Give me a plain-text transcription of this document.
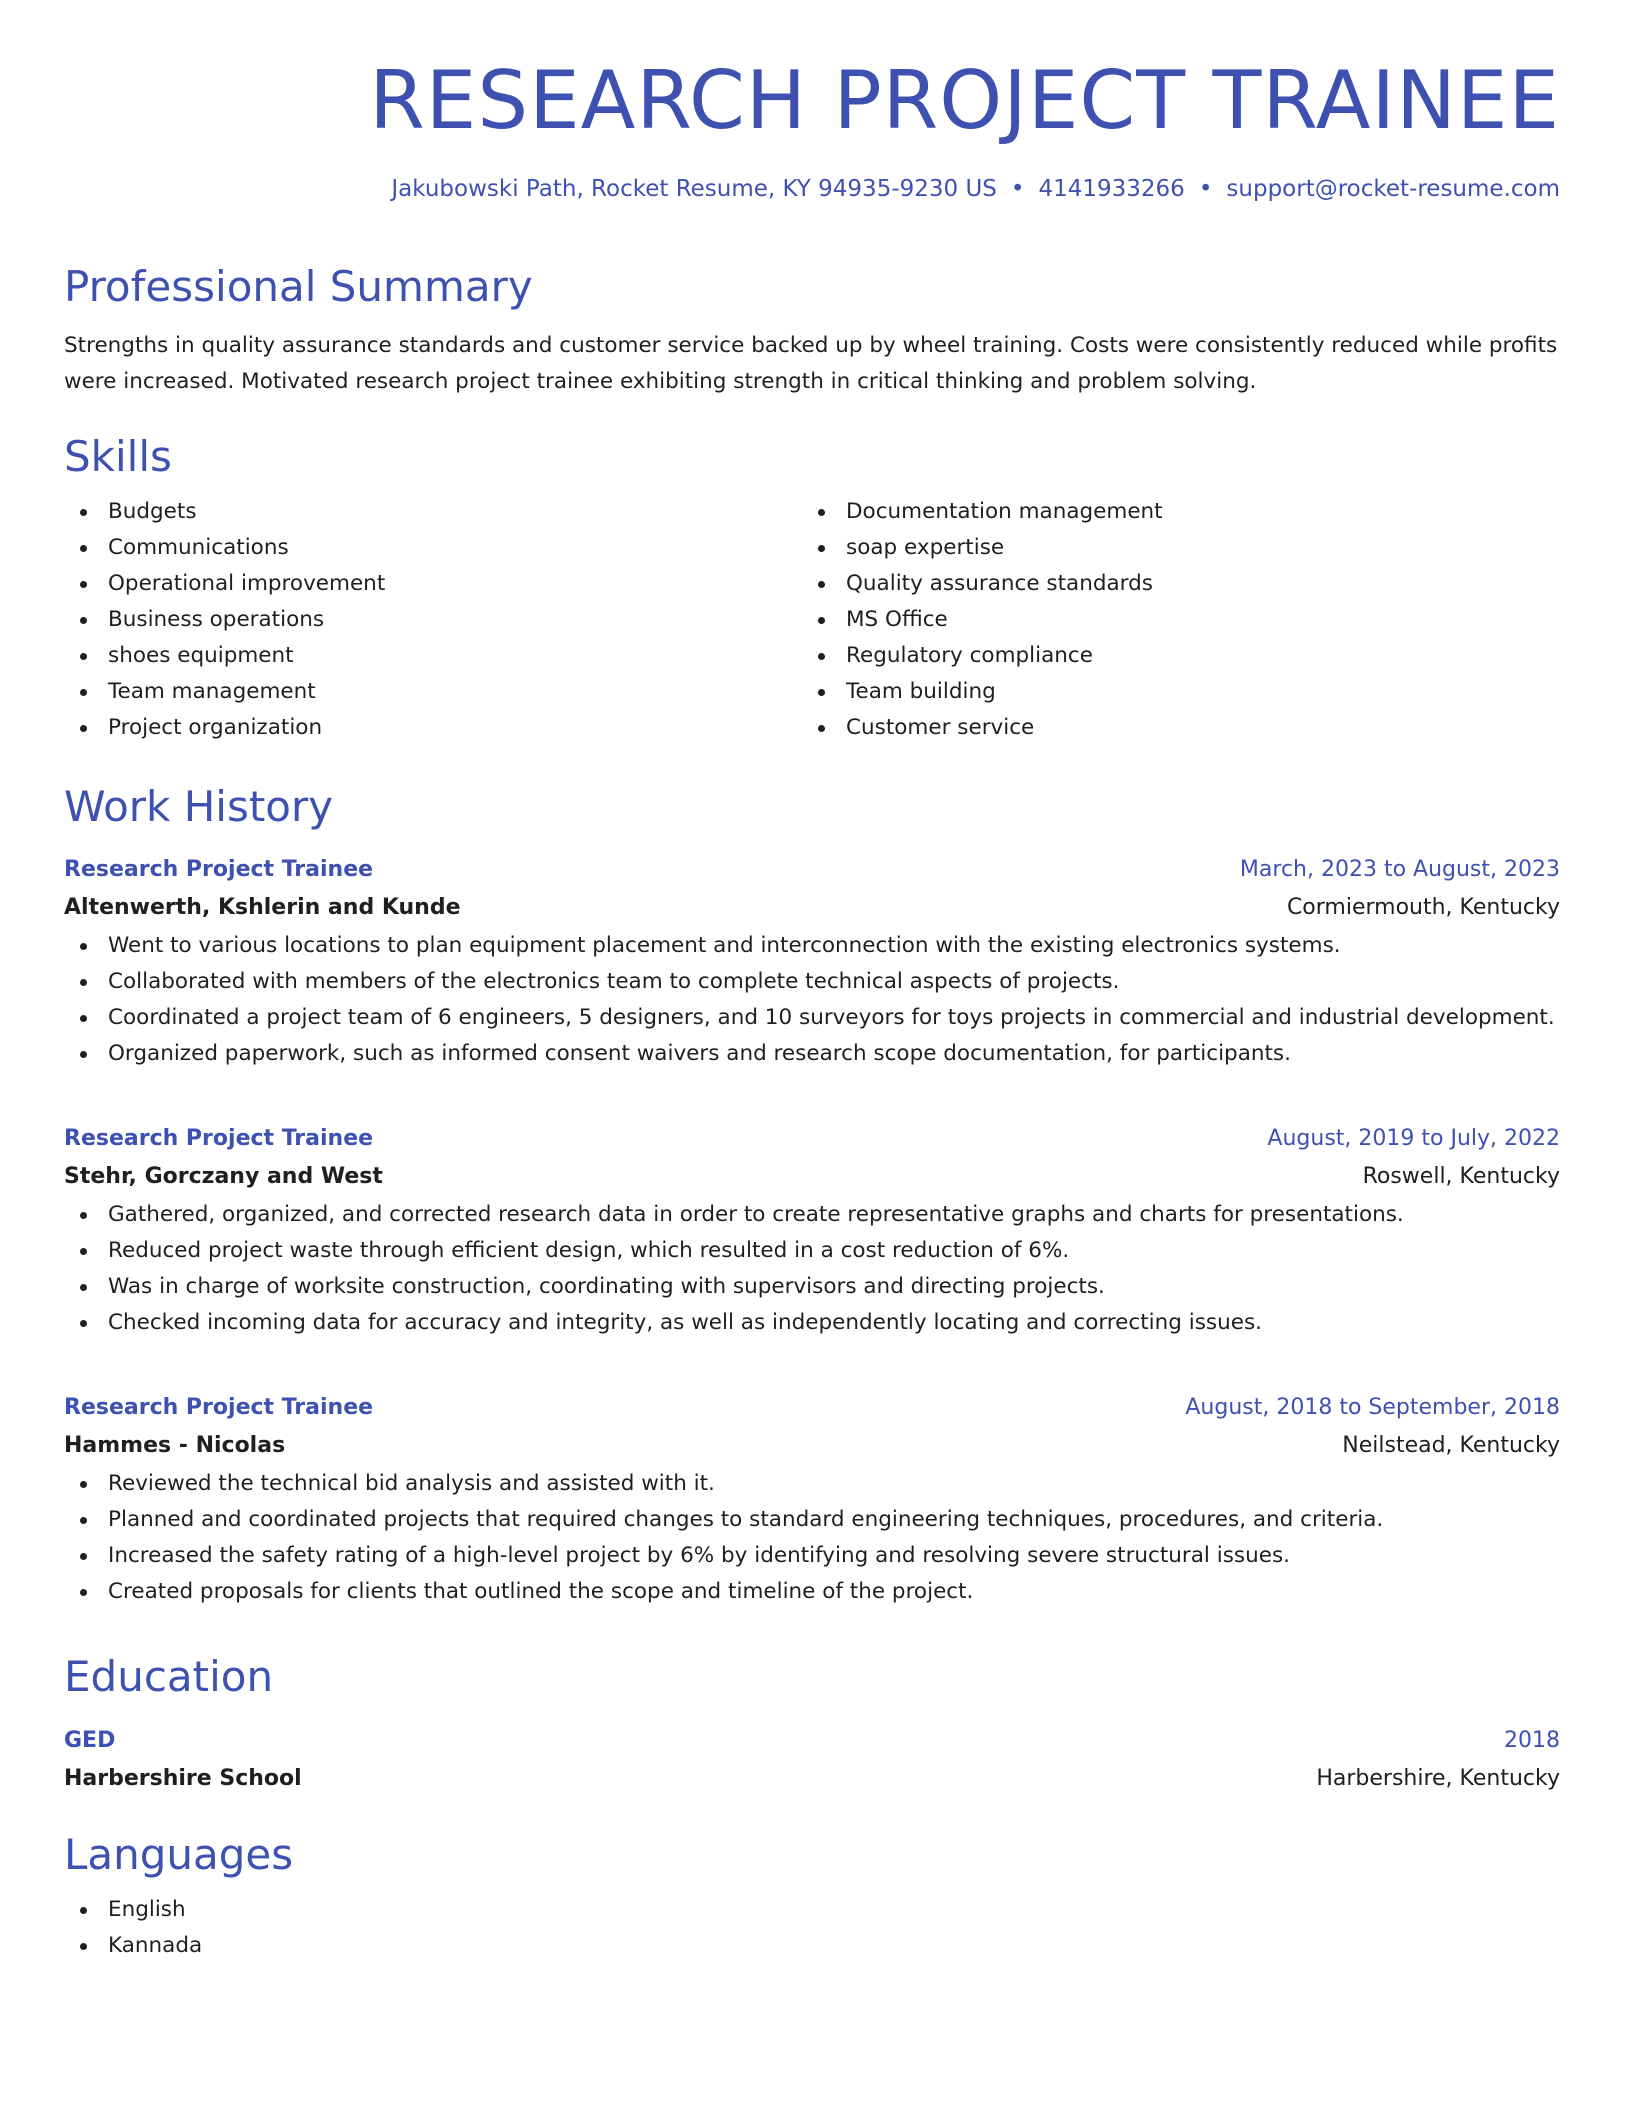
RESEARCH PROJECT TRAINEE
Jakubowski Path, Rocket Resume, KY 94935-9230 US • 4141933266 • support@rocket-resume.com
Professional Summary
Strengths in quality assurance standards and customer service backed up by wheel training. Costs were consistently reduced while profits were increased. Motivated research project trainee exhibiting strength in critical thinking and problem solving.
Skills
Budgets
Communications
Operational improvement
Business operations
shoes equipment
Team management
Project organization
Documentation management
soap expertise
Quality assurance standards
MS Office
Regulatory compliance
Team building
Customer service
Work History
Research Project Trainee	March, 2023 to August, 2023
Altenwerth, Kshlerin and Kunde	Cormiermouth, Kentucky
Went to various locations to plan equipment placement and interconnection with the existing electronics systems.
Collaborated with members of the electronics team to complete technical aspects of projects.
Coordinated a project team of 6 engineers, 5 designers, and 10 surveyors for toys projects in commercial and industrial development.
Organized paperwork, such as informed consent waivers and research scope documentation, for participants.
Research Project Trainee	August, 2019 to July, 2022
Stehr, Gorczany and West	Roswell, Kentucky
Gathered, organized, and corrected research data in order to create representative graphs and charts for presentations.
Reduced project waste through efficient design, which resulted in a cost reduction of 6%.
Was in charge of worksite construction, coordinating with supervisors and directing projects.
Checked incoming data for accuracy and integrity, as well as independently locating and correcting issues.
Research Project Trainee	August, 2018 to September, 2018
Hammes - Nicolas	Neilstead, Kentucky
Reviewed the technical bid analysis and assisted with it.
Planned and coordinated projects that required changes to standard engineering techniques, procedures, and criteria.
Increased the safety rating of a high-level project by 6% by identifying and resolving severe structural issues.
Created proposals for clients that outlined the scope and timeline of the project.
Education
GED	2018
Harbershire School	Harbershire, Kentucky
Languages
English
Kannada
